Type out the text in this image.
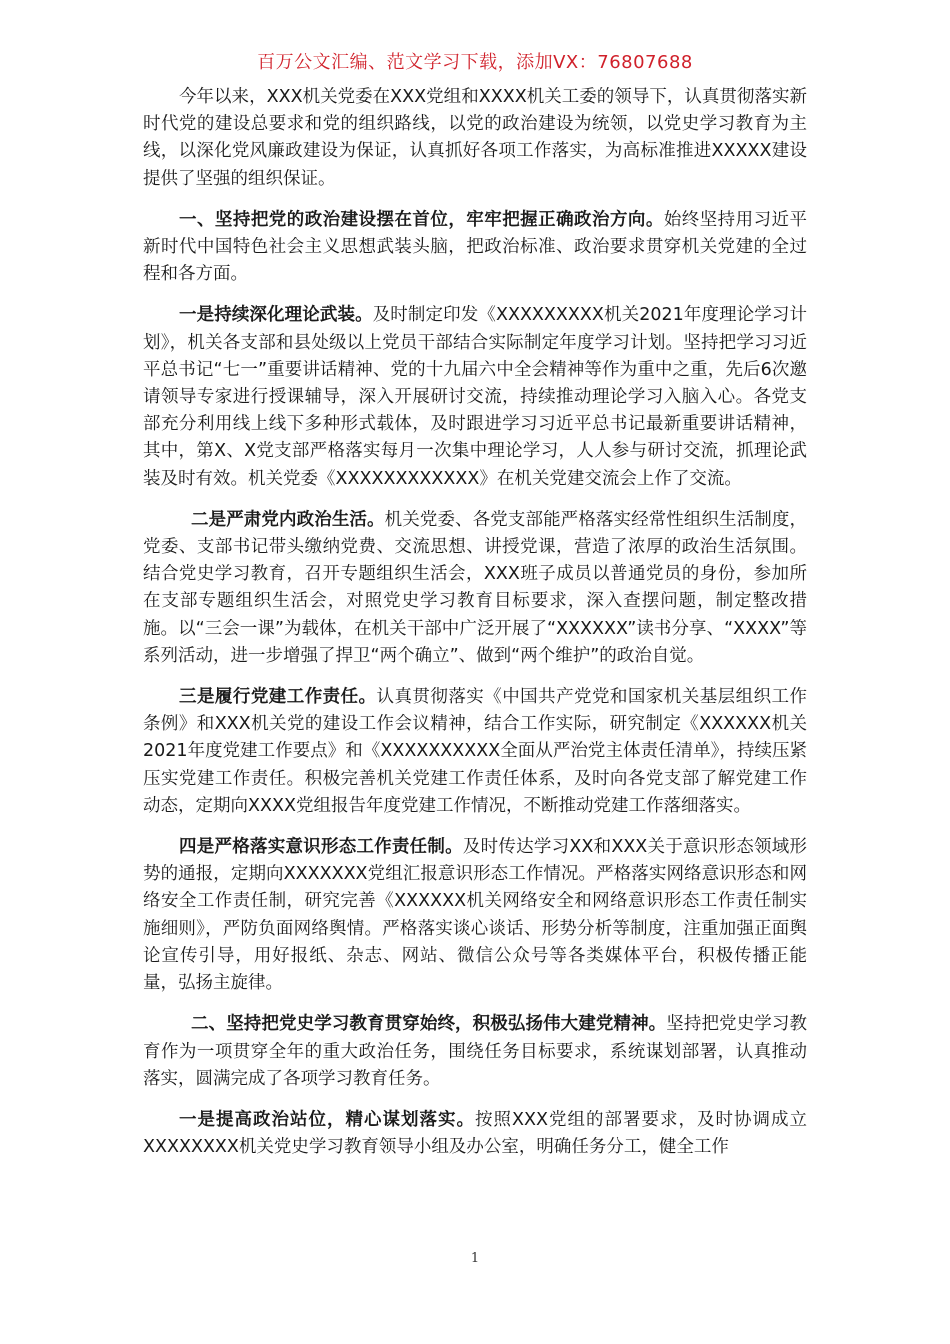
百万公文汇编、范文学习下载，添加VX：76807688

今年以来，XXX机关党委在XXX党组和XXXX机关工委的领导下，认真贯彻落实新时代党的建设总要求和党的组织路线，以党的政治建设为统领，以党史学习教育为主线，以深化党风廉政建设为保证，认真抓好各项工作落实，为高标准推进XXXXX建设提供了坚强的组织保证。

一、坚持把党的政治建设摆在首位，牢牢把握正确政治方向。始终坚持用习近平新时代中国特色社会主义思想武装头脑，把政治标准、政治要求贯穿机关党建的全过程和各方面。

一是持续深化理论武装。及时制定印发《XXXXXXXXX机关2021年度理论学习计划》，机关各支部和县处级以上党员干部结合实际制定年度学习计划。坚持把学习习近平总书记“七一”重要讲话精神、党的十九届六中全会精神等作为重中之重，先后6次邀请领导专家进行授课辅导，深入开展研讨交流，持续推动理论学习入脑入心。各党支部充分利用线上线下多种形式载体，及时跟进学习习近平总书记最新重要讲话精神，其中，第X、X党支部严格落实每月一次集中理论学习，人人参与研讨交流，抓理论武装及时有效。机关党委《XXXXXXXXXXXX》在机关党建交流会上作了交流。

二是严肃党内政治生活。机关党委、各党支部能严格落实经常性组织生活制度，党委、支部书记带头缴纳党费、交流思想、讲授党课，营造了浓厚的政治生活氛围。结合党史学习教育，召开专题组织生活会，XXX班子成员以普通党员的身份，参加所在支部专题组织生活会，对照党史学习教育目标要求，深入查摆问题，制定整改措施。以“三会一课”为载体，在机关干部中广泛开展了“XXXXXX”读书分享、“XXXX”等系列活动，进一步增强了捍卫“两个确立”、做到“两个维护”的政治自觉。

三是履行党建工作责任。认真贯彻落实《中国共产党党和国家机关基层组织工作条例》和XXX机关党的建设工作会议精神，结合工作实际，研究制定《XXXXXX机关2021年度党建工作要点》和《XXXXXXXXXX全面从严治党主体责任清单》，持续压紧压实党建工作责任。积极完善机关党建工作责任体系，及时向各党支部了解党建工作动态，定期向XXXX党组报告年度党建工作情况，不断推动党建工作落细落实。

四是严格落实意识形态工作责任制。及时传达学习XX和XXX关于意识形态领域形势的通报，定期向XXXXXXX党组汇报意识形态工作情况。严格落实网络意识形态和网络安全工作责任制，研究完善《XXXXXX机关网络安全和网络意识形态工作责任制实施细则》，严防负面网络舆情。严格落实谈心谈话、形势分析等制度，注重加强正面舆论宣传引导，用好报纸、杂志、网站、微信公众号等各类媒体平台，积极传播正能量，弘扬主旋律。

二、坚持把党史学习教育贯穿始终，积极弘扬伟大建党精神。坚持把党史学习教育作为一项贯穿全年的重大政治任务，围绕任务目标要求，系统谋划部署，认真推动落实，圆满完成了各项学习教育任务。

一是提高政治站位，精心谋划落实。按照XXX党组的部署要求，及时协调成立XXXXXXXX机关党史学习教育领导小组及办公室，明确任务分工，健全工作

1
